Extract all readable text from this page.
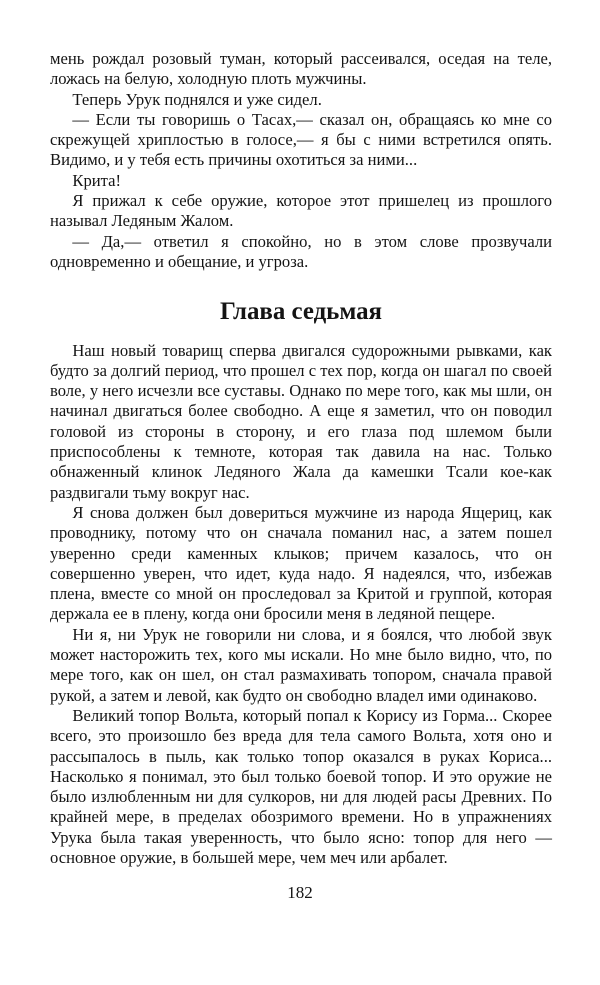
мень рождал розовый туман, который рассеивался, оседая на теле, ложась на белую, холодную плоть мужчины.

Теперь Урук поднялся и уже сидел.

— Если ты говоришь о Тасах,— сказал он, обращаясь ко мне со скрежущей хриплостью в голосе,— я бы с ними встретился опять. Видимо, и у тебя есть причины охотиться за ними...

Крита!

Я прижал к себе оружие, которое этот пришелец из прошлого называл Ледяным Жалом.

— Да,— ответил я спокойно, но в этом слове прозвучали одновременно и обещание, и угроза.

Глава седьмая

Наш новый товарищ сперва двигался судорожными рывками, как будто за долгий период, что прошел с тех пор, когда он шагал по своей воле, у него исчезли все суставы. Однако по мере того, как мы шли, он начинал двигаться более свободно. А еще я заметил, что он поводил головой из стороны в сторону, и его глаза под шлемом были приспособлены к темноте, которая так давила на нас. Только обнаженный клинок Ледяного Жала да камешки Тсали кое-как раздвигали тьму вокруг нас.

Я снова должен был довериться мужчине из народа Ящериц, как проводнику, потому что он сначала поманил нас, а затем пошел уверенно среди каменных клыков; причем казалось, что он совершенно уверен, что идет, куда надо. Я надеялся, что, избежав плена, вместе со мной он проследовал за Критой и группой, которая держала ее в плену, когда они бросили меня в ледяной пещере.

Ни я, ни Урук не говорили ни слова, и я боялся, что любой звук может насторожить тех, кого мы искали. Но мне было видно, что, по мере того, как он шел, он стал размахивать топором, сначала правой рукой, а затем и левой, как будто он свободно владел ими одинаково.

Великий топор Вольта, который попал к Корису из Горма... Скорее всего, это произошло без вреда для тела самого Вольта, хотя оно и рассыпалось в пыль, как только топор оказался в руках Кориса... Насколько я понимал, это был только боевой топор. И это оружие не было излюбленным ни для сулкоров, ни для людей расы Древних. По крайней мере, в пределах обозримого времени. Но в упражнениях Урука была такая уверенность, что было ясно: топор для него — основное оружие, в большей мере, чем меч или арбалет.

182
